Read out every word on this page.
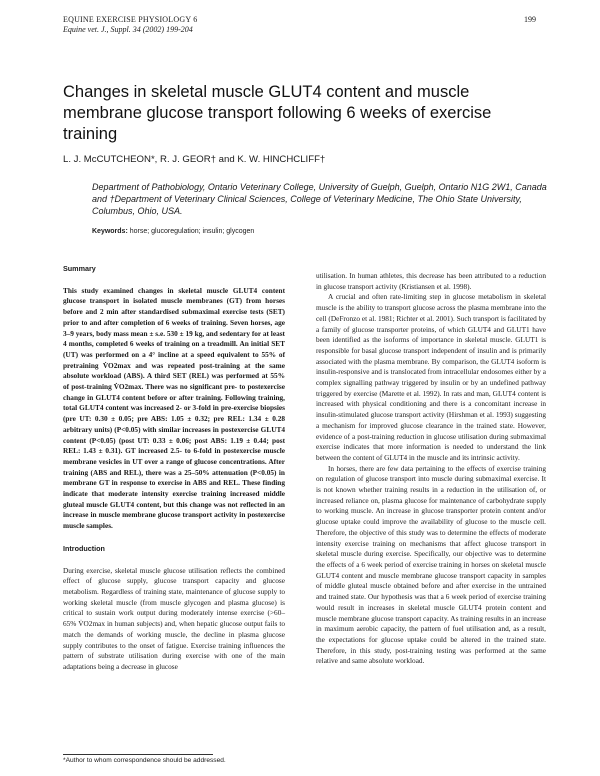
EQUINE EXERCISE PHYSIOLOGY 6
Equine vet. J., Suppl. 34 (2002) 199-204
199
Changes in skeletal muscle GLUT4 content and muscle membrane glucose transport following 6 weeks of exercise training
L. J. McCUTCHEON*, R. J. GEOR† and K. W. HINCHCLIFF†
Department of Pathobiology, Ontario Veterinary College, University of Guelph, Guelph, Ontario N1G 2W1, Canada and †Department of Veterinary Clinical Sciences, College of Veterinary Medicine, The Ohio State University, Columbus, Ohio, USA.
Keywords: horse; glucoregulation; insulin; glycogen
Summary

This study examined changes in skeletal muscle GLUT4 content glucose transport in isolated muscle membranes (GT) from horses before and 2 min after standardised submaximal exercise tests (SET) prior to and after completion of 6 weeks of training. Seven horses, age 3–9 years, body mass mean ± s.e. 530 ± 19 kg, and sedentary for at least 4 months, completed 6 weeks of training on a treadmill. An initial SET (UT) was performed on a 4° incline at a speed equivalent to 55% of pretraining V̇O2max and was repeated post-training at the same absolute workload (ABS). A third SET (REL) was performed at 55% of post-training V̇O2max. There was no significant pre- to postexercise change in GLUT4 content before or after training. Following training, total GLUT4 content was increased 2- or 3-fold in pre-exercise biopsies (pre UT: 0.30 ± 0.05; pre ABS: 1.05 ± 0.32; pre REL: 1.34 ± 0.28 arbitrary units) (P<0.05) with similar increases in postexercise GLUT4 content (P<0.05) (post UT: 0.33 ± 0.06; post ABS: 1.19 ± 0.44; post REL: 1.43 ± 0.31). GT increased 2.5- to 6-fold in postexercise muscle membrane vesicles in UT over a range of glucose concentrations. After training (ABS and REL), there was a 25–50% attenuation (P<0.05) in membrane GT in response to exercise in ABS and REL. These finding indicate that moderate intensity exercise training increased middle gluteal muscle GLUT4 content, but this change was not reflected in an increase in muscle membrane glucose transport activity in postexercise muscle samples.

Introduction

During exercise, skeletal muscle glucose utilisation reflects the combined effect of glucose supply, glucose transport capacity and glucose metabolism. Regardless of training state, maintenance of glucose supply to working skeletal muscle (from muscle glycogen and plasma glucose) is critical to sustain work output during moderately intense exercise (>60–65% V̇O2max in human subjects) and, when hepatic glucose output fails to match the demands of working muscle, the decline in plasma glucose supply contributes to the onset of fatigue. Exercise training influences the pattern of substrate utilisation during exercise with one of the main adaptations being a decrease in glucose

utilisation. In human athletes, this decrease has been attributed to a reduction in glucose transport activity (Kristiansen et al. 1998).

A crucial and often rate-limiting step in glucose metabolism in skeletal muscle is the ability to transport glucose across the plasma membrane into the cell (DeFronzo et al. 1981; Richter et al. 2001). Such transport is facilitated by a family of glucose transporter proteins, of which GLUT4 and GLUT1 have been identified as the isoforms of importance in skeletal muscle. GLUT1 is responsible for basal glucose transport independent of insulin and is primarily associated with the plasma membrane. By comparison, the GLUT4 isoform is insulin-responsive and is translocated from intracellular endosomes either by a complex signalling pathway triggered by insulin or by an undefined pathway triggered by exercise (Marette et al. 1992). In rats and man, GLUT4 content is increased with physical conditioning and there is a concomitant increase in insulin-stimulated glucose transport activity (Hirshman et al. 1993) suggesting a mechanism for improved glucose clearance in the trained state. However, evidence of a post-training reduction in glucose utilisation during submaximal exercise indicates that more information is needed to understand the link between the content of GLUT4 in the muscle and its intrinsic activity.

In horses, there are few data pertaining to the effects of exercise training on regulation of glucose transport into muscle during submaximal exercise. It is not known whether training results in a reduction in the utilisation of, or increased reliance on, plasma glucose for maintenance of carbohydrate supply to working muscle. An increase in glucose transporter protein content and/or glucose uptake could improve the availability of glucose to the muscle cell. Therefore, the objective of this study was to determine the effects of moderate intensity exercise training on mechanisms that affect glucose transport in skeletal muscle during exercise. Specifically, our objective was to determine the effects of a 6 week period of exercise training in horses on skeletal muscle GLUT4 content and muscle membrane glucose transport capacity in samples of middle gluteal muscle obtained before and after exercise in the untrained and trained state. Our hypothesis was that a 6 week period of exercise training would result in increases in skeletal muscle GLUT4 protein content and muscle membrane glucose transport capacity. As training results in an increase in maximum aerobic capacity, the pattern of fuel utilisation and, as a result, the expectations for glucose uptake could be altered in the trained state. Therefore, in this study, post-training testing was performed at the same relative and same absolute workload.

*Author to whom correspondence should be addressed.
